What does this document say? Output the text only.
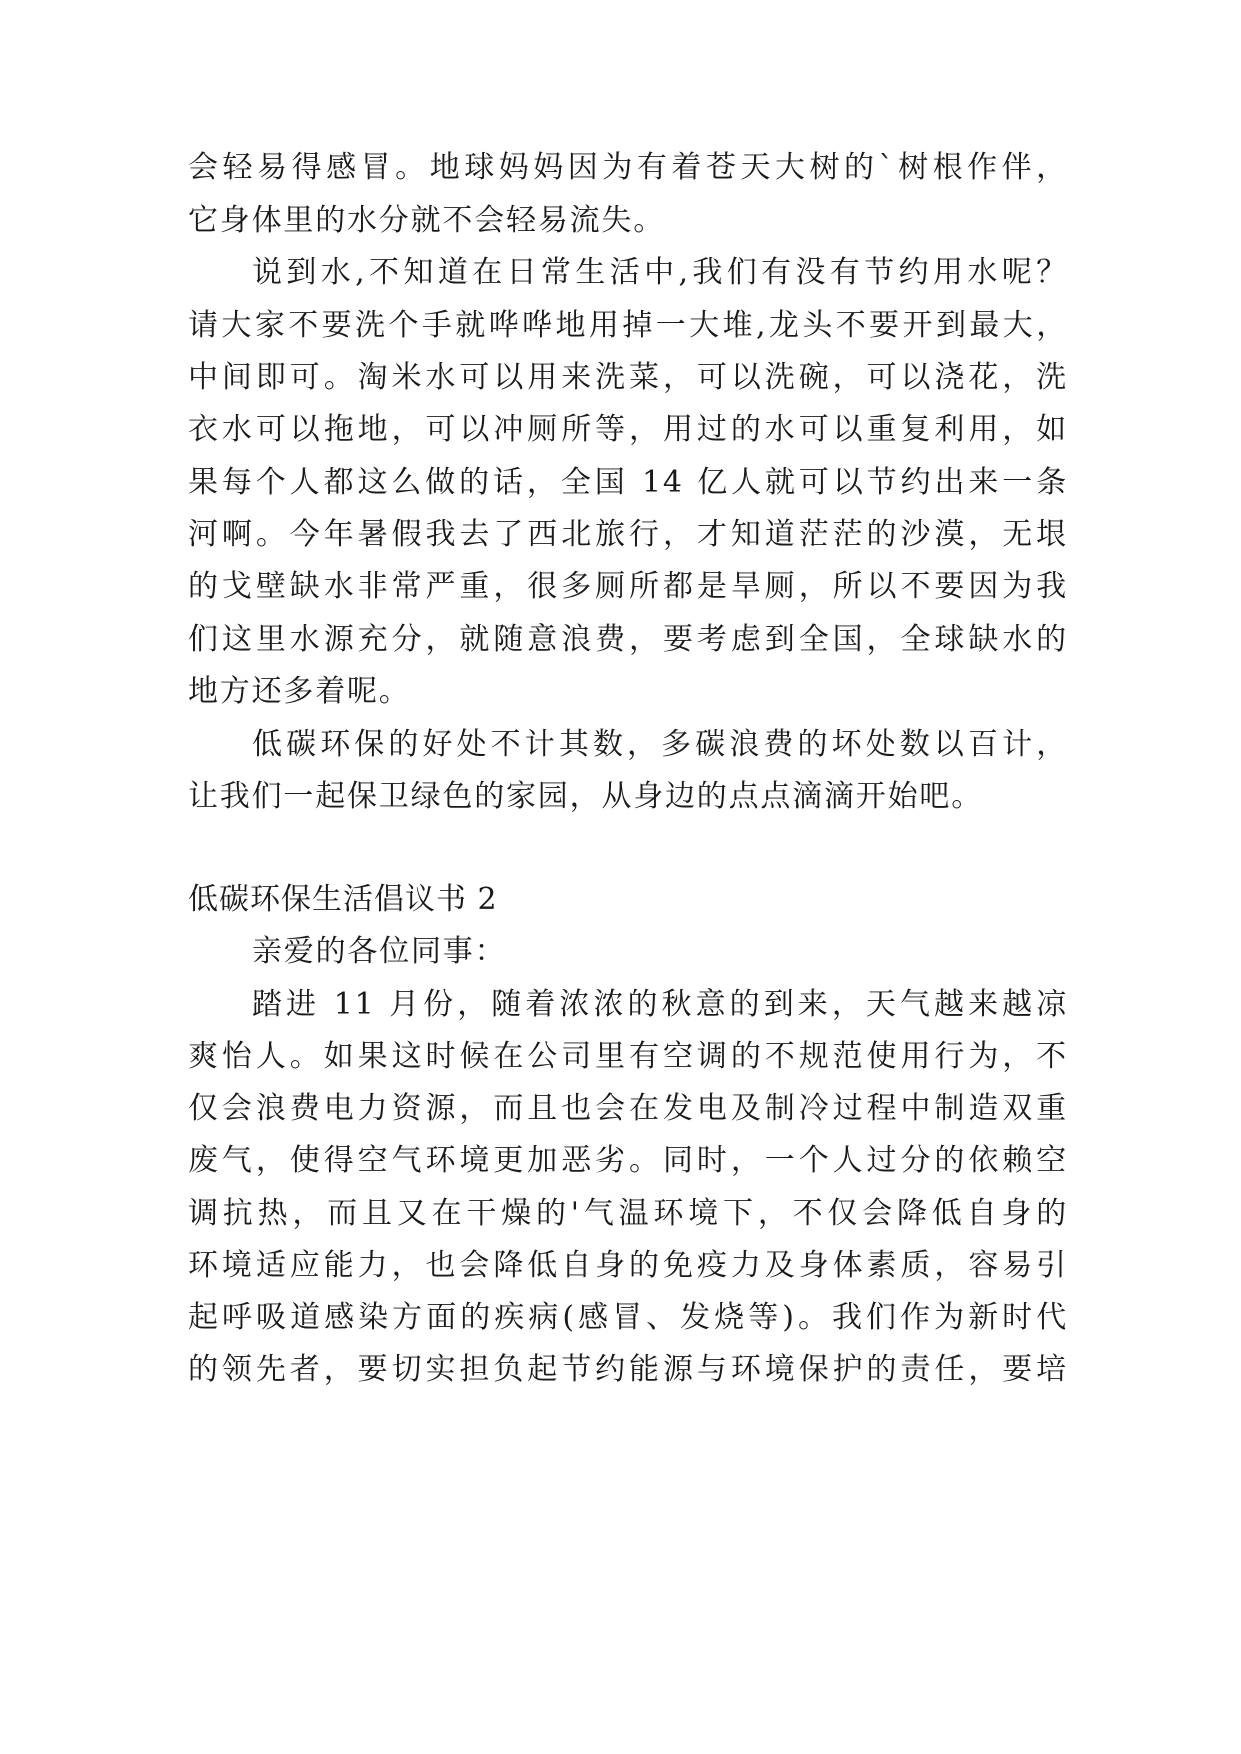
会轻易得感冒。地球妈妈因为有着苍天大树的`树根作伴，
它身体里的水分就不会轻易流失。
说到水,不知道在日常生活中,我们有没有节约用水呢？
请大家不要洗个手就哗哗地用掉一大堆,龙头不要开到最大，
中间即可。淘米水可以用来洗菜，可以洗碗，可以浇花，洗
衣水可以拖地，可以冲厕所等，用过的水可以重复利用，如
果每个人都这么做的话，全国 14 亿人就可以节约出来一条
河啊。今年暑假我去了西北旅行，才知道茫茫的沙漠，无垠
的戈壁缺水非常严重，很多厕所都是旱厕，所以不要因为我
们这里水源充分，就随意浪费，要考虑到全国，全球缺水的
地方还多着呢。
低碳环保的好处不计其数，多碳浪费的坏处数以百计，
让我们一起保卫绿色的家园，从身边的点点滴滴开始吧。
低碳环保生活倡议书 2
亲爱的各位同事：
踏进 11 月份，随着浓浓的秋意的到来，天气越来越凉
爽怡人。如果这时候在公司里有空调的不规范使用行为，不
仅会浪费电力资源，而且也会在发电及制冷过程中制造双重
废气，使得空气环境更加恶劣。同时，一个人过分的依赖空
调抗热，而且又在干燥的'气温环境下，不仅会降低自身的
环境适应能力，也会降低自身的免疫力及身体素质，容易引
起呼吸道感染方面的疾病(感冒、发烧等)。我们作为新时代
的领先者，要切实担负起节约能源与环境保护的责任，要培
